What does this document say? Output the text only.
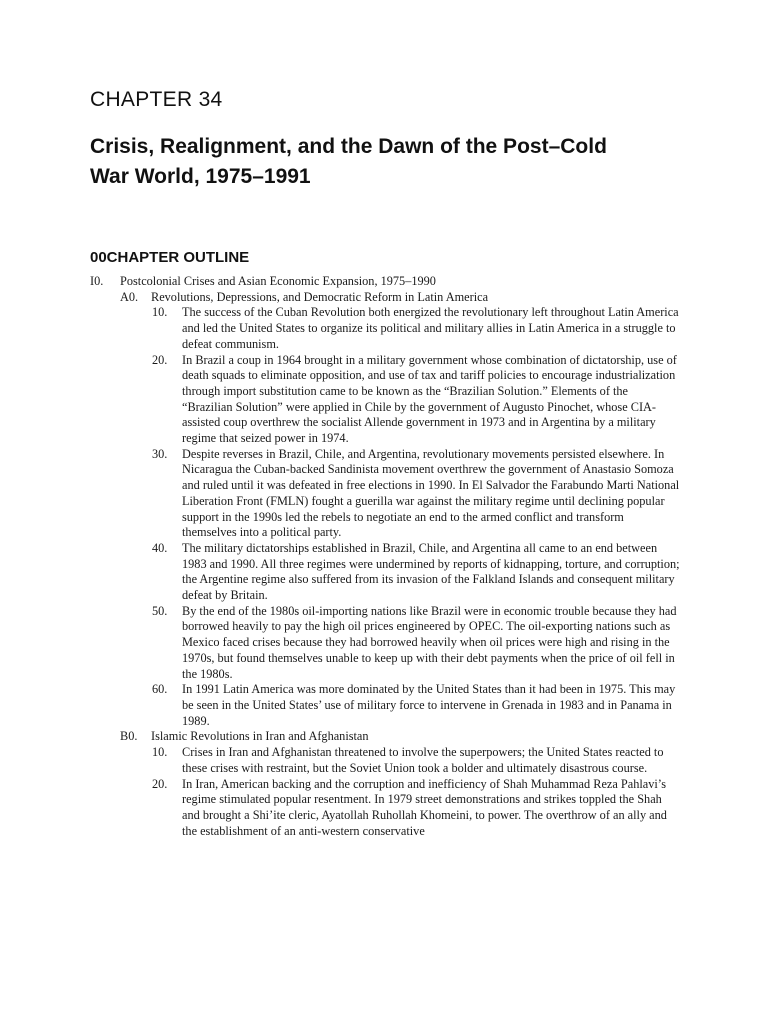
CHAPTER 34
Crisis, Realignment, and the Dawn of the Post–Cold War World, 1975–1991
00CHAPTER OUTLINE
I0.	Postcolonial Crises and Asian Economic Expansion, 1975–1990
A0.	Revolutions, Depressions, and Democratic Reform in Latin America
10.	The success of the Cuban Revolution both energized the revolutionary left throughout Latin America and led the United States to organize its political and military allies in Latin America in a struggle to defeat communism.
20.	In Brazil a coup in 1964 brought in a military government whose combination of dictatorship, use of death squads to eliminate opposition, and use of tax and tariff policies to encourage industrialization through import substitution came to be known as the “Brazilian Solution.” Elements of the “Brazilian Solution” were applied in Chile by the government of Augusto Pinochet, whose CIA-assisted coup overthrew the socialist Allende government in 1973 and in Argentina by a military regime that seized power in 1974.
30.	Despite reverses in Brazil, Chile, and Argentina, revolutionary movements persisted elsewhere. In Nicaragua the Cuban-backed Sandinista movement overthrew the government of Anastasio Somoza and ruled until it was defeated in free elections in 1990. In El Salvador the Farabundo Marti National Liberation Front (FMLN) fought a guerilla war against the military regime until declining popular support in the 1990s led the rebels to negotiate an end to the armed conflict and transform themselves into a political party.
40.	The military dictatorships established in Brazil, Chile, and Argentina all came to an end between 1983 and 1990. All three regimes were undermined by reports of kidnapping, torture, and corruption; the Argentine regime also suffered from its invasion of the Falkland Islands and consequent military defeat by Britain.
50.	By the end of the 1980s oil-importing nations like Brazil were in economic trouble because they had borrowed heavily to pay the high oil prices engineered by OPEC. The oil-exporting nations such as Mexico faced crises because they had borrowed heavily when oil prices were high and rising in the 1970s, but found themselves unable to keep up with their debt payments when the price of oil fell in the 1980s.
60.	In 1991 Latin America was more dominated by the United States than it had been in 1975. This may be seen in the United States’ use of military force to intervene in Grenada in 1983 and in Panama in 1989.
B0.	Islamic Revolutions in Iran and Afghanistan
10.	Crises in Iran and Afghanistan threatened to involve the superpowers; the United States reacted to these crises with restraint, but the Soviet Union took a bolder and ultimately disastrous course.
20.	In Iran, American backing and the corruption and inefficiency of Shah Muhammad Reza Pahlavi’s regime stimulated popular resentment. In 1979 street demonstrations and strikes toppled the Shah and brought a Shi’ite cleric, Ayatollah Ruhollah Khomeini, to power. The overthrow of an ally and the establishment of an anti-western conservative
